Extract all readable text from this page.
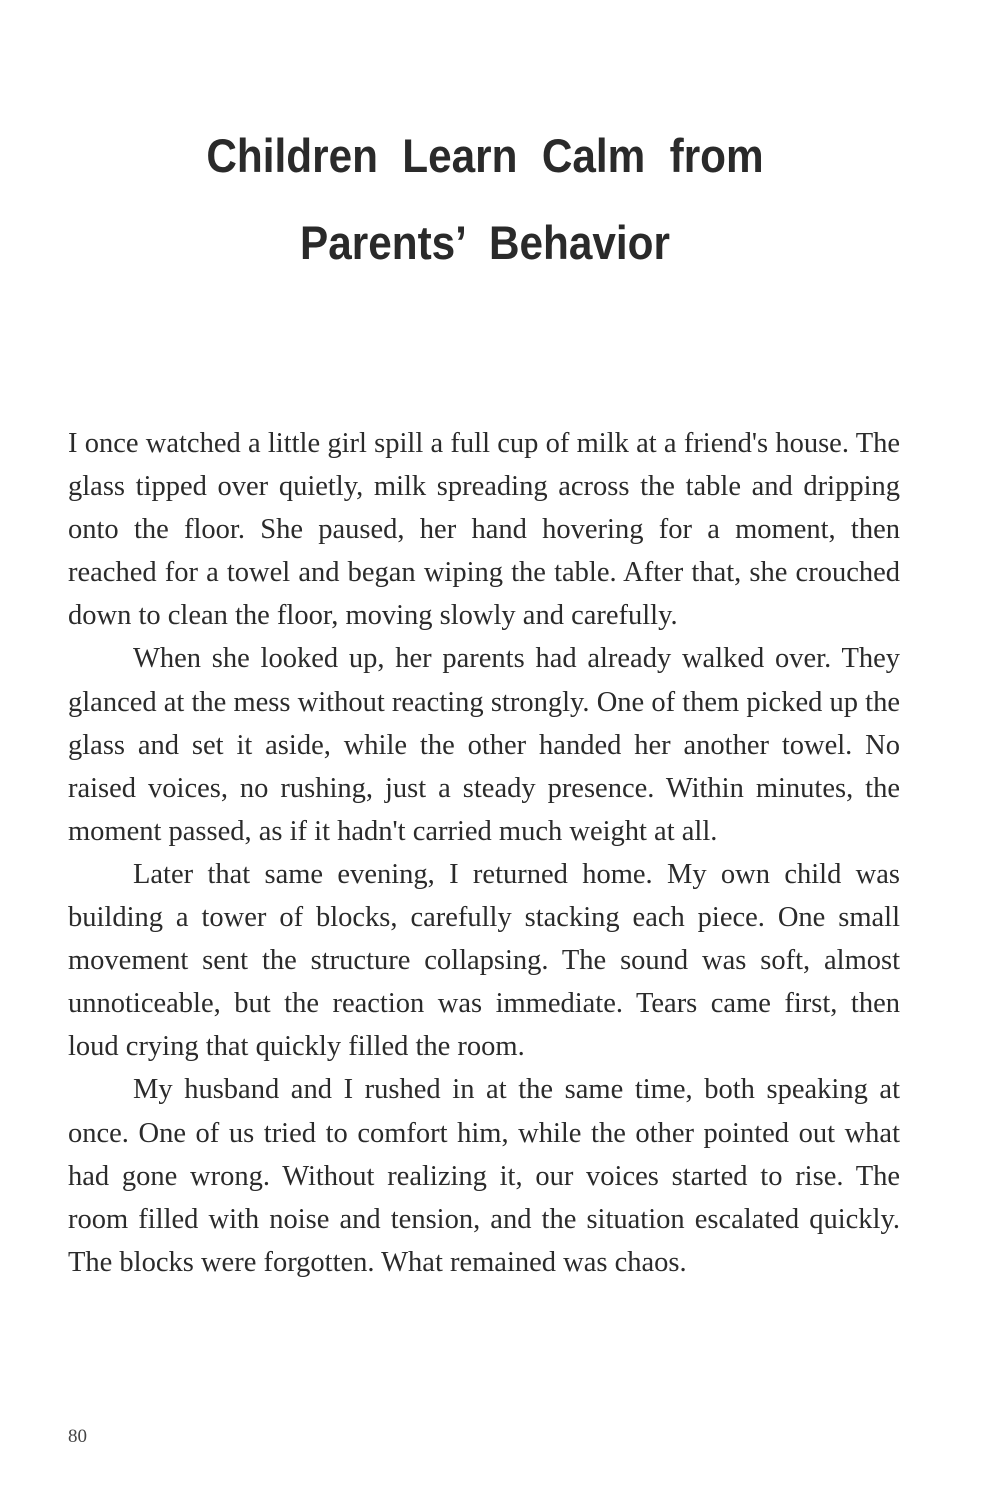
Children Learn Calm from
Parents’ Behavior

I once watched a little girl spill a full cup of milk at a friend's house. The glass tipped over quietly, milk spreading across the table and dripping onto the floor. She paused, her hand hovering for a moment, then reached for a towel and began wiping the table. After that, she crouched down to clean the floor, moving slowly and carefully.

When she looked up, her parents had already walked over. They glanced at the mess without reacting strongly. One of them picked up the glass and set it aside, while the other handed her another towel. No raised voices, no rushing, just a steady presence. Within minutes, the moment passed, as if it hadn't carried much weight at all.

Later that same evening, I returned home. My own child was building a tower of blocks, carefully stacking each piece. One small movement sent the structure collapsing. The sound was soft, almost unnoticeable, but the reaction was immediate. Tears came first, then loud crying that quickly filled the room.

My husband and I rushed in at the same time, both speaking at once. One of us tried to comfort him, while the other pointed out what had gone wrong. Without realizing it, our voices started to rise. The room filled with noise and tension, and the situation escalated quickly. The blocks were forgotten. What remained was chaos.

80
